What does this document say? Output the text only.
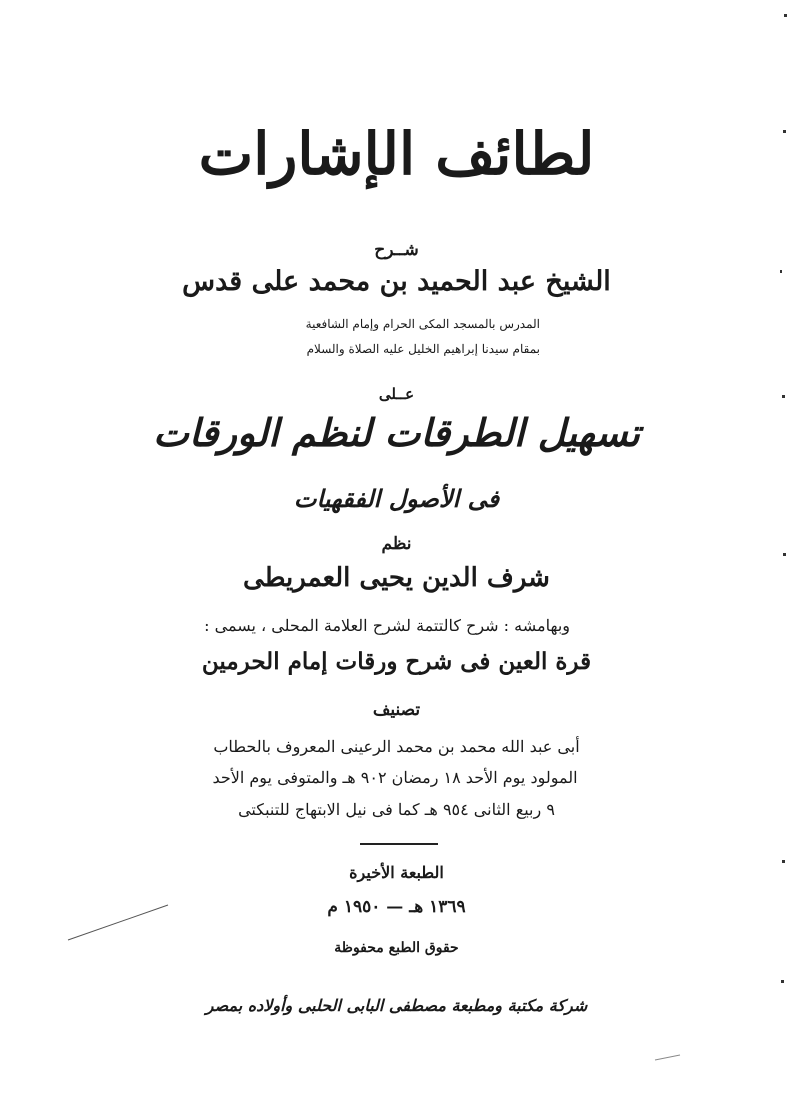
لطائف الإشارات
شــرح
الشيخ عبد الحميد بن محمد على قدس
المدرس بالمسجد المكى الحرام وإمام الشافعية
بمقام سيدنا إبراهيم الخليل عليه الصلاة والسلام
عــلى
تسهيل الطرقات لنظم الورقات
فى الأصول الفقهيات
نظم
شرف الدين يحيى العمريطى
وبهامشه : شرح كالتتمة لشرح العلامة المحلى ، يسمى :
قرة العين فى شرح ورقات إمام الحرمين
تصنيف
أبى عبد الله محمد بن محمد الرعينى المعروف بالحطاب
المولود يوم الأحد ١٨ رمضان ٩٠٢ هـ والمتوفى يوم الأحد
٩ ربيع الثانى ٩٥٤ هـ كما فى نيل الابتهاج للتنبكتى
الطبعة الأخيرة
١٣٦٩ هـ — ١٩٥٠ م
حقوق الطبع محفوظة
شركة مكتبة ومطبعة مصطفى البابى الحلبى وأولاده بمصر
